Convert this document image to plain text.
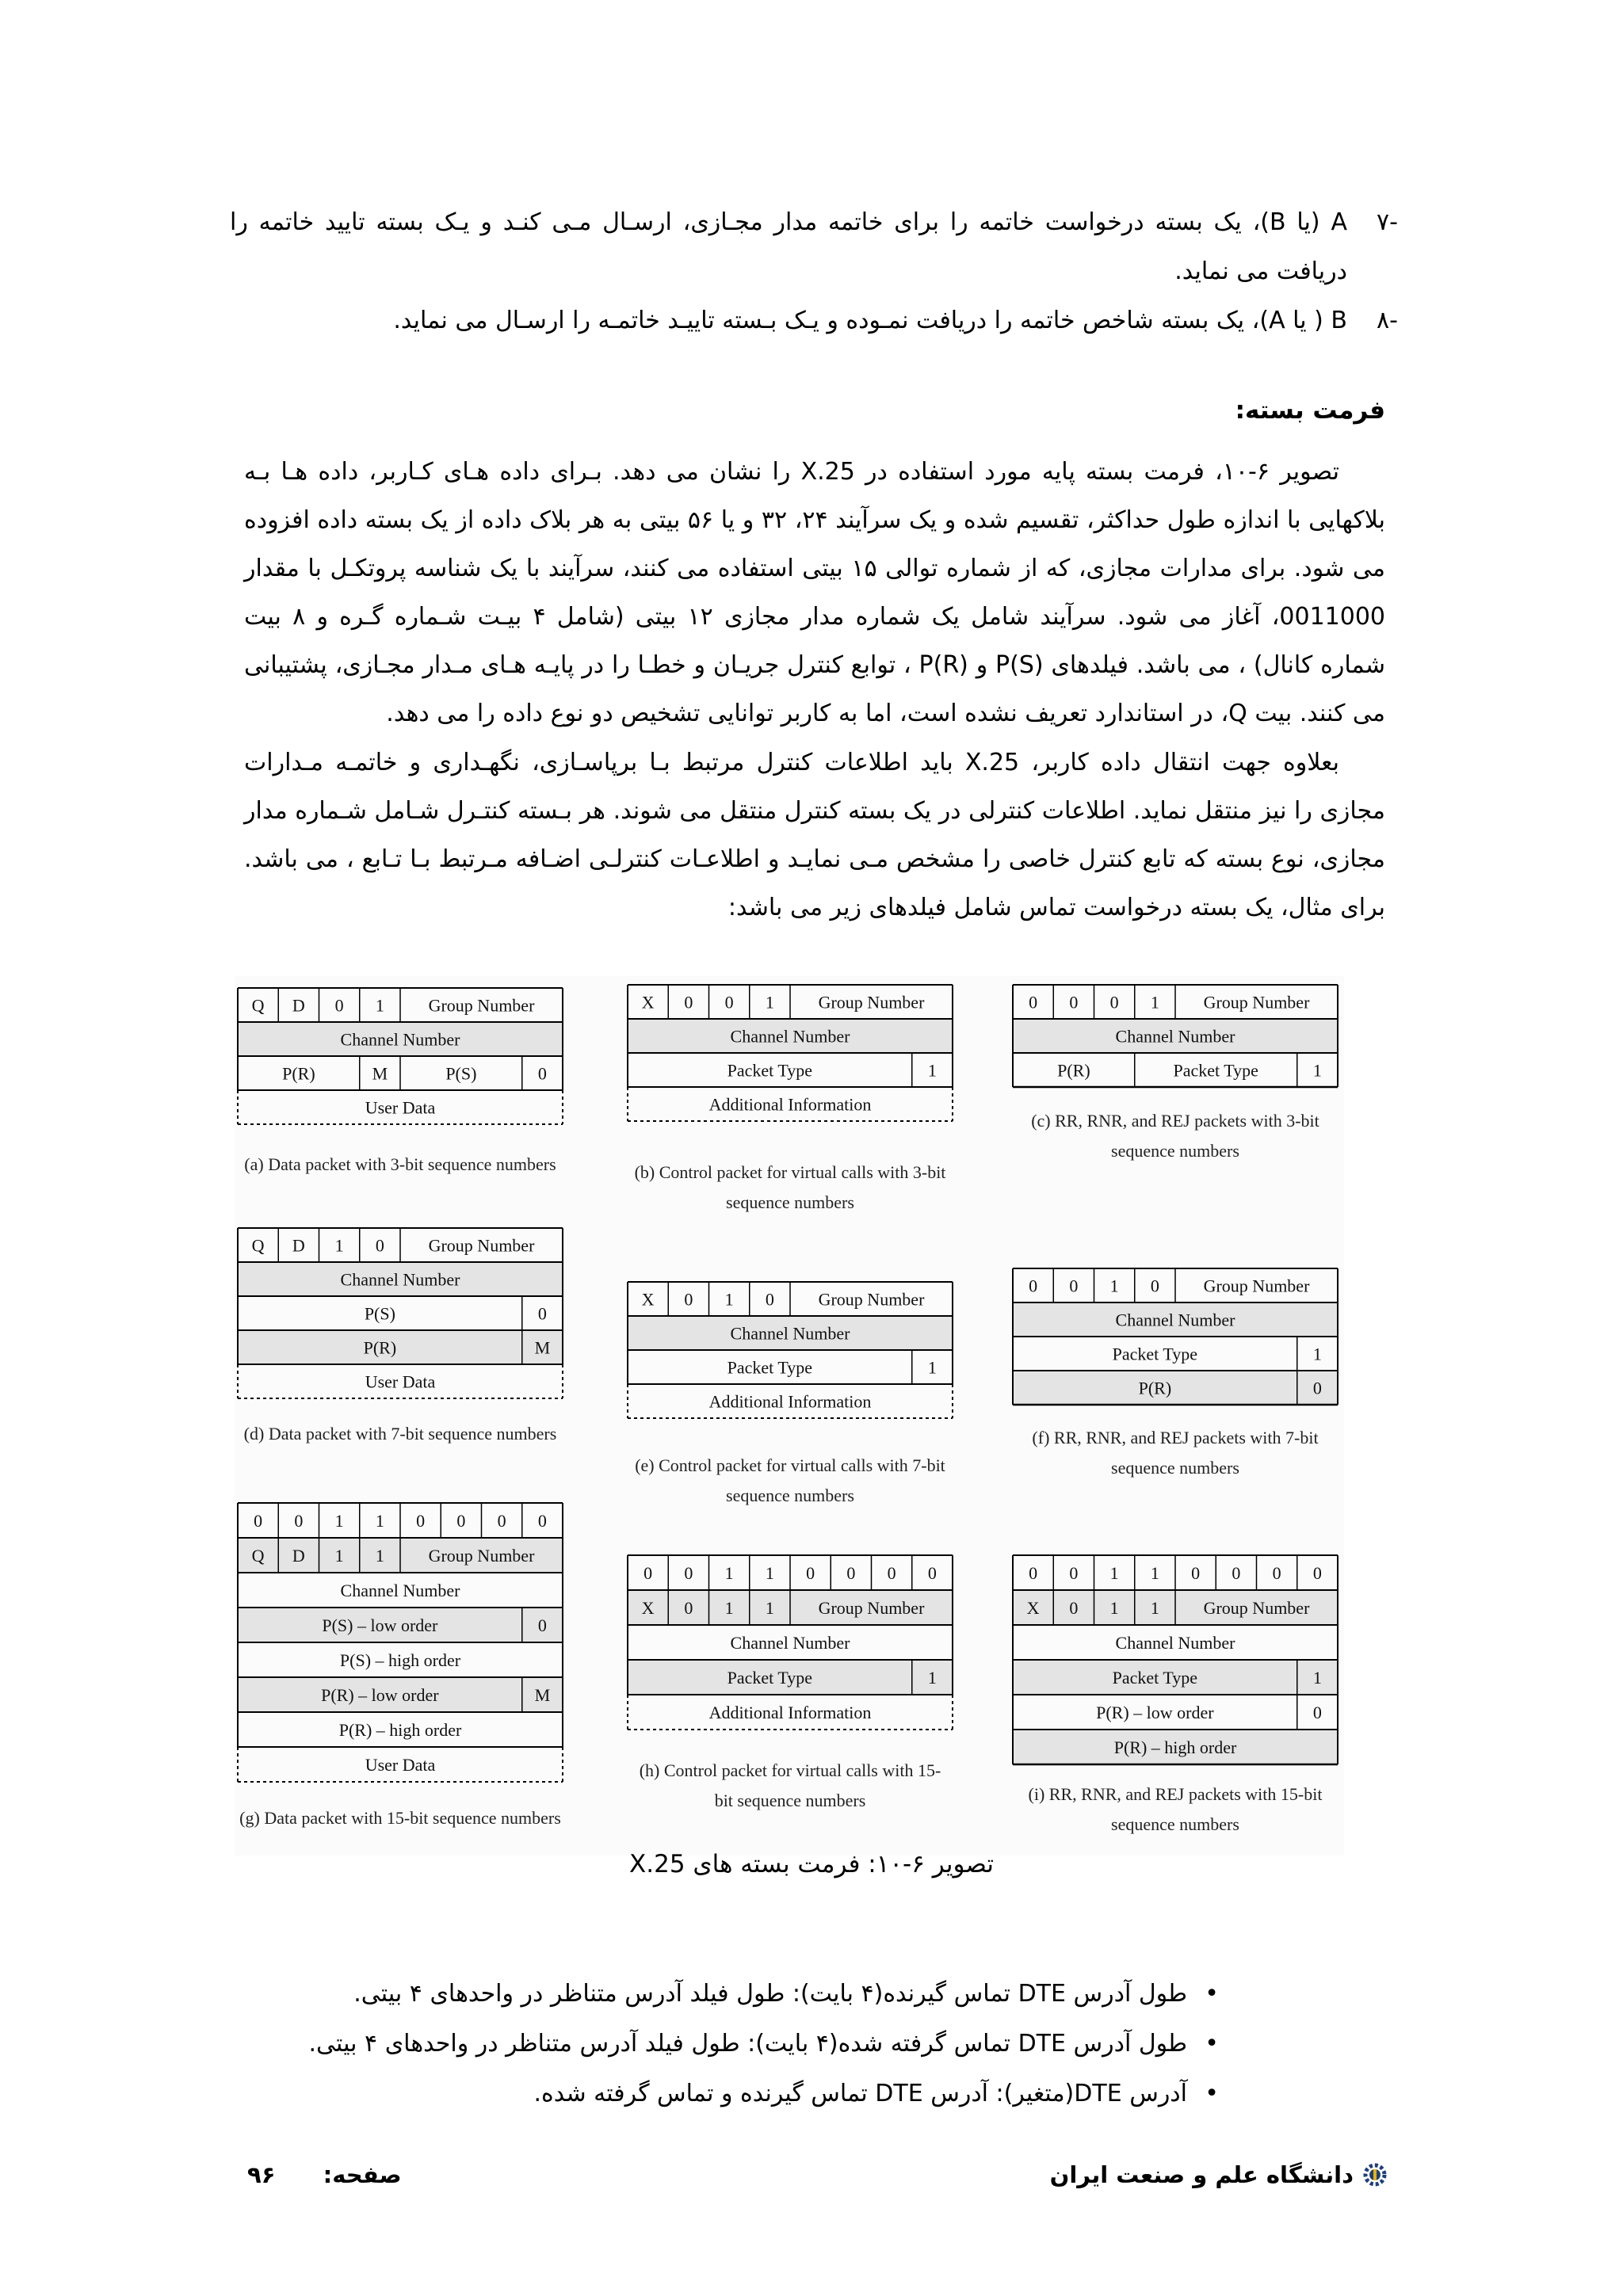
-۷
A (یا B)، یک بسته درخواست خاتمه را برای خاتمه مدار مجـازی، ارسـال مـی کنـد و یـک بسته تایید خاتمه را دریافت می نماید.
-۸
B ( یا A)، یک بسته شاخص خاتمه را دریافت نمـوده و یـک بـسته تاییـد خاتمـه را ارسـال می نماید.
فرمت بسته:
تصویر ۶-۱۰، فرمت بسته پایه مورد استفاده در X.25 را نشان می دهد. بـرای داده هـای کـاربر، داده هـا بـه بلاکهایی با اندازه طول حداکثر، تقسیم شده و یک سرآیند ۲۴، ۳۲ و یا ۵۶ بیتی به هر بلاک داده از یک بسته داده افزوده می شود. برای مدارات مجازی، که از شماره توالی ۱۵ بیتی استفاده می کنند، سرآیند با یک شناسه پروتکـل با مقدار 0011000، آغاز می شود. سرآیند شامل یک شماره مدار مجازی ۱۲ بیتی (شامل ۴ بیـت شـماره گـره و ۸ بیت شماره کانال) ، می باشد. فیلدهای P(S) و P(R) ، توابع کنترل جریـان و خطـا را در پایـه هـای مـدار مجـازی، پشتیبانی می کنند. بیت Q، در استاندارد تعریف نشده است، اما به کاربر توانایی تشخیص دو نوع داده را می دهد.
بعلاوه جهت انتقال داده کاربر، X.25 باید اطلاعات کنترل مرتبط بـا برپاسـازی، نگهـداری و خاتمـه مـدارات مجازی را نیز منتقل نماید. اطلاعات کنترلی در یک بسته کنترل منتقل می شوند. هر بـسته کنتـرل شـامل شـماره مدار مجازی، نوع بسته که تابع کنترل خاصی را مشخص مـی نمایـد و اطلاعـات کنترلـی اضـافه مـرتبط بـا تـابع ، می باشد. برای مثال، یک بسته درخواست تماس شامل فیلدهای زیر می باشد:
Q D 0 1	Group Number
Channel Number
P(R)	M	P(S)	0
User Data
(a) Data packet with 3-bit sequence numbers
X 0 0 1	Group Number
Channel Number
Packet Type	1
Additional Information
(b) Control packet for virtual calls with 3-bit
sequence numbers
0 0 0 1	Group Number
Channel Number
P(R)	Packet Type	1
(c) RR, RNR, and REJ packets with 3-bit
sequence numbers
Q D 1 0	Group Number
Channel Number
P(S)	0
P(R)	M
User Data
(d) Data packet with 7-bit sequence numbers
X 0 1 0	Group Number
Channel Number
Packet Type	1
Additional Information
(e) Control packet for virtual calls with 7-bit
sequence numbers
0 0 1 0	Group Number
Channel Number
Packet Type	1
P(R)	0
(f) RR, RNR, and REJ packets with 7-bit
sequence numbers
0 0 1 1 0 0 0 0
Q D 1 1	Group Number
Channel Number
P(S) – low order	0
P(S) – high order
P(R) – low order	M
P(R) – high order
User Data
(g) Data packet with 15-bit sequence numbers
0 0 1 1 0 0 0 0
X 0 1 1	Group Number
Channel Number
Packet Type	1
Additional Information
(h) Control packet for virtual calls with 15-
bit sequence numbers
0 0 1 1 0 0 0 0
X 0 1 1	Group Number
Channel Number
Packet Type	1
P(R) – low order	0
P(R) – high order
(i) RR, RNR, and REJ packets with 15-bit
sequence numbers
تصویر ۶-۱۰: فرمت بسته های X.25
• طول آدرس DTE تماس گیرنده(۴ بایت): طول فیلد آدرس متناظر در واحدهای ۴ بیتی.
• طول آدرس DTE تماس گرفته شده(۴ بایت): طول فیلد آدرس متناظر در واحدهای ۴ بیتی.
• آدرس DTE(متغیر): آدرس DTE تماس گیرنده و تماس گرفته شده.
دانشگاه علم و صنعت ایران
صفحه:  ۹۶
